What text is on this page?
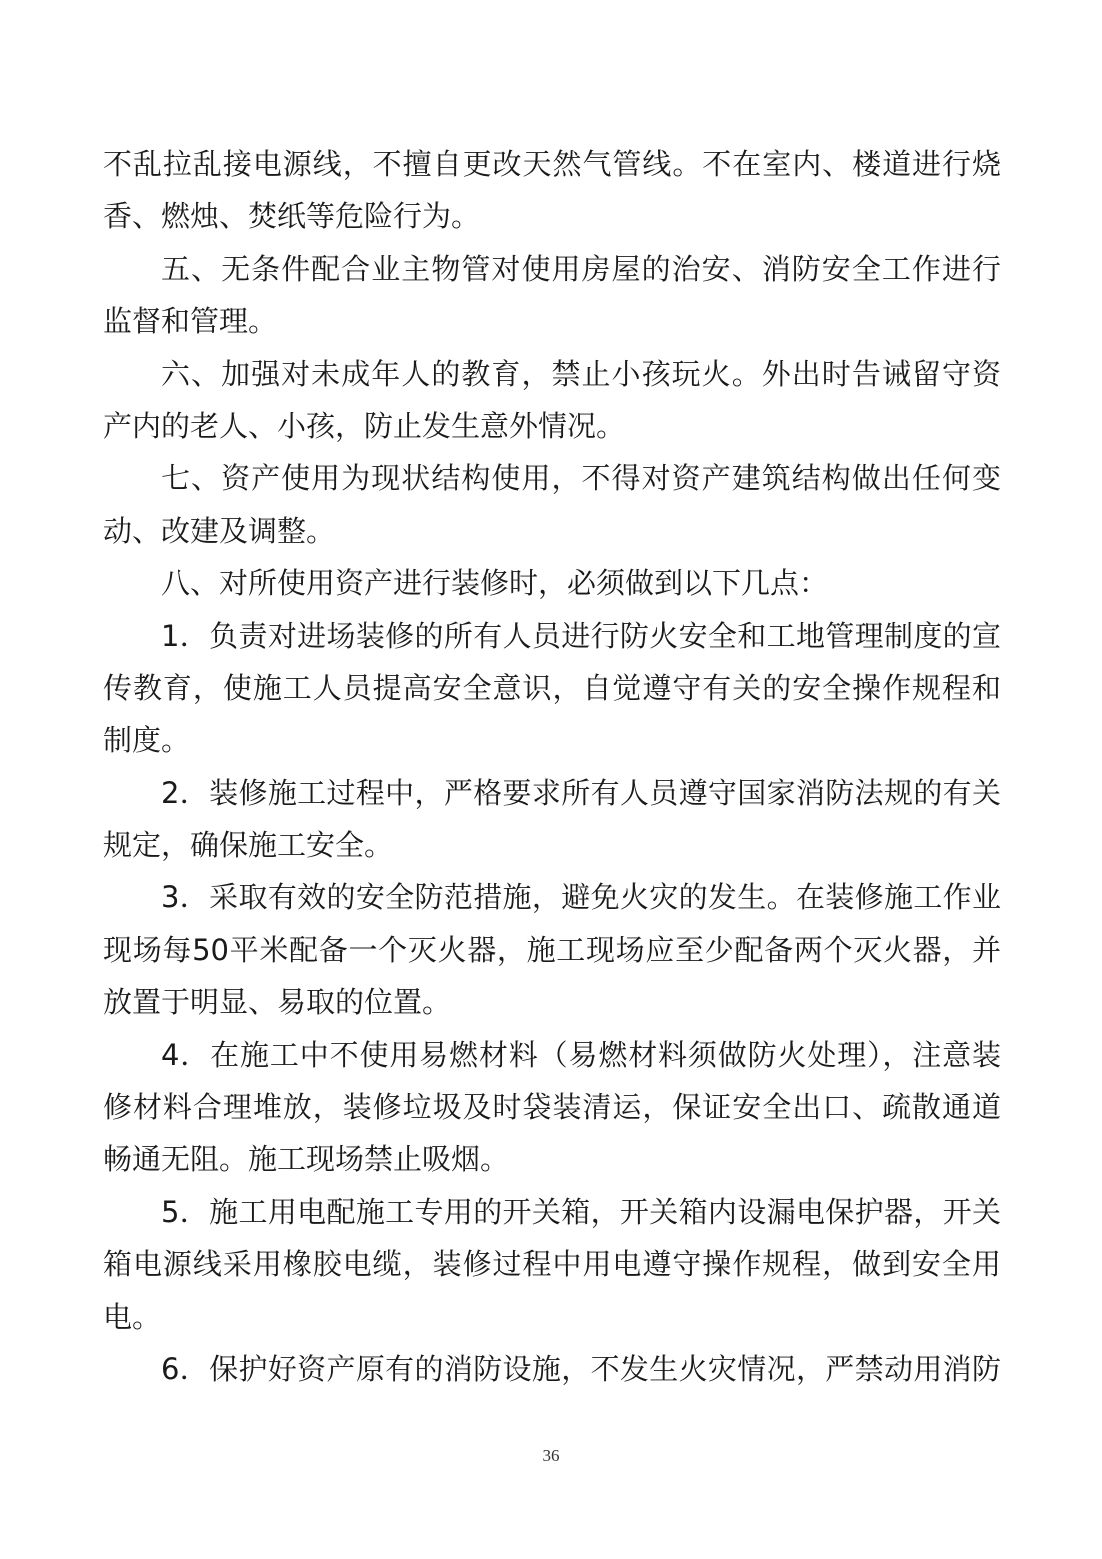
不乱拉乱接电源线，不擅自更改天然气管线。不在室内、楼道进行烧
香、燃烛、焚纸等危险行为。
五、无条件配合业主物管对使用房屋的治安、消防安全工作进行
监督和管理。
六、加强对未成年人的教育，禁止小孩玩火。外出时告诫留守资
产内的老人、小孩，防止发生意外情况。
七、资产使用为现状结构使用，不得对资产建筑结构做出任何变
动、改建及调整。
八、对所使用资产进行装修时，必须做到以下几点：
1．负责对进场装修的所有人员进行防火安全和工地管理制度的宣
传教育，使施工人员提高安全意识，自觉遵守有关的安全操作规程和
制度。
2．装修施工过程中，严格要求所有人员遵守国家消防法规的有关
规定，确保施工安全。
3．采取有效的安全防范措施，避免火灾的发生。在装修施工作业
现场每50平米配备一个灭火器，施工现场应至少配备两个灭火器，并
放置于明显、易取的位置。
4．在施工中不使用易燃材料（易燃材料须做防火处理），注意装
修材料合理堆放，装修垃圾及时袋装清运，保证安全出口、疏散通道
畅通无阻。施工现场禁止吸烟。
5．施工用电配施工专用的开关箱，开关箱内设漏电保护器，开关
箱电源线采用橡胶电缆，装修过程中用电遵守操作规程，做到安全用
电。
6．保护好资产原有的消防设施，不发生火灾情况，严禁动用消防
36
